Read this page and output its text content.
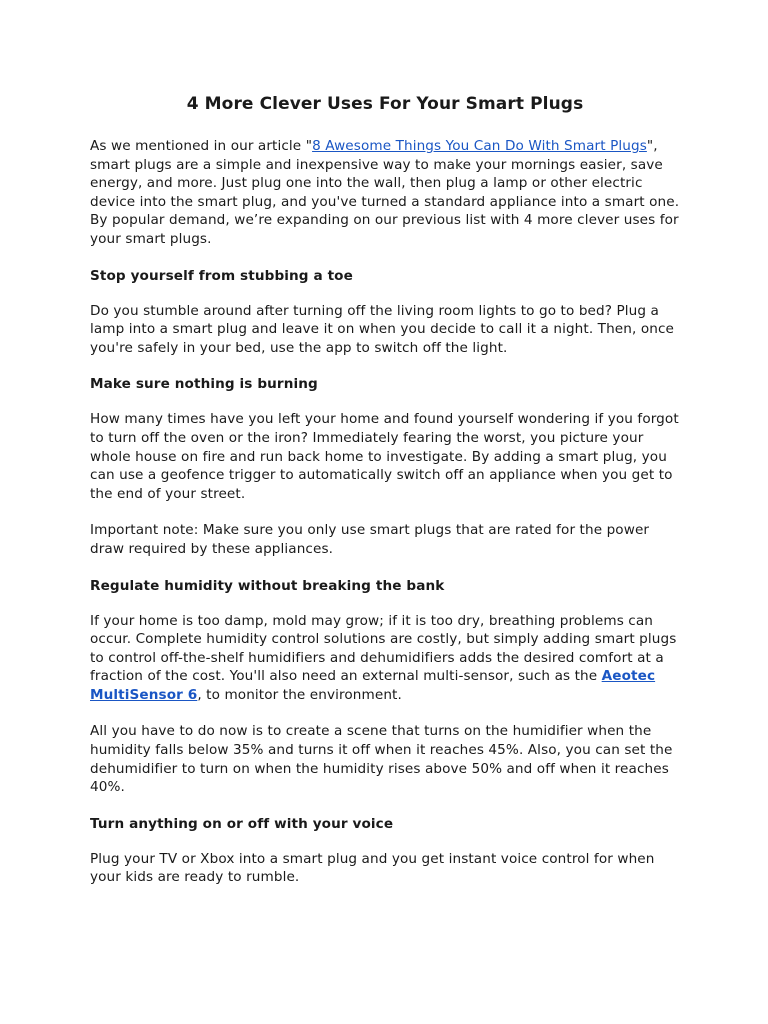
4 More Clever Uses For Your Smart Plugs

As we mentioned in our article "8 Awesome Things You Can Do With Smart Plugs", smart plugs are a simple and inexpensive way to make your mornings easier, save energy, and more. Just plug one into the wall, then plug a lamp or other electric device into the smart plug, and you've turned a standard appliance into a smart one. By popular demand, we’re expanding on our previous list with 4 more clever uses for your smart plugs.

Stop yourself from stubbing a toe

Do you stumble around after turning off the living room lights to go to bed? Plug a lamp into a smart plug and leave it on when you decide to call it a night. Then, once you're safely in your bed, use the app to switch off the light.

Make sure nothing is burning

How many times have you left your home and found yourself wondering if you forgot to turn off the oven or the iron? Immediately fearing the worst, you picture your whole house on fire and run back home to investigate. By adding a smart plug, you can use a geofence trigger to automatically switch off an appliance when you get to the end of your street.

Important note: Make sure you only use smart plugs that are rated for the power draw required by these appliances.

Regulate humidity without breaking the bank

If your home is too damp, mold may grow; if it is too dry, breathing problems can occur. Complete humidity control solutions are costly, but simply adding smart plugs to control off-the-shelf humidifiers and dehumidifiers adds the desired comfort at a fraction of the cost. You'll also need an external multi-sensor, such as the Aeotec MultiSensor 6, to monitor the environment.

All you have to do now is to create a scene that turns on the humidifier when the humidity falls below 35% and turns it off when it reaches 45%. Also, you can set the dehumidifier to turn on when the humidity rises above 50% and off when it reaches 40%.

Turn anything on or off with your voice

Plug your TV or Xbox into a smart plug and you get instant voice control for when your kids are ready to rumble.
